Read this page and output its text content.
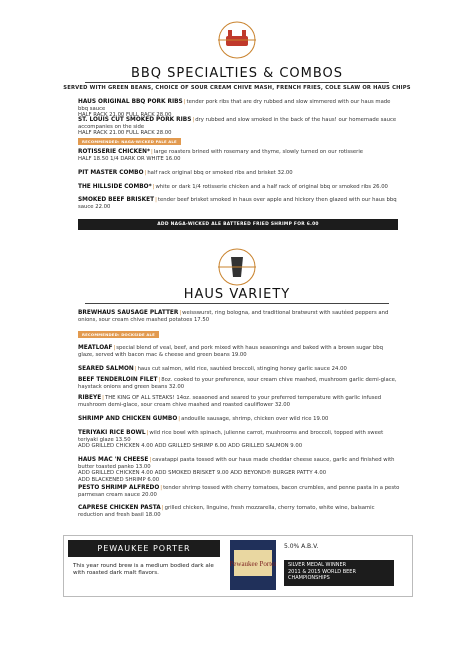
BBQ SPECIALTIES & COMBOS
SERVED WITH GREEN BEANS, CHOICE OF SOUR CREAM CHIVE MASH, FRENCH FRIES, COLE SLAW OR HAUS CHIPS
HAUS ORIGINAL BBQ PORK RIBS|tender pork ribs that are dry rubbed and slow simmered with our haus made bbq sauce
HALF RACK 21.00 FULL RACK 28.00
ST. LOUIS CUT SMOKED PORK RIBS|dry rubbed and slow smoked in the back of the haus! our homemade sauce accompanies on the side
HALF RACK 21.00 FULL RACK 28.00
RECOMMENDED: NAGA-WICKED PALE ALE
ROTISSERIE CHICKEN*|large roasters brined with rosemary and thyme, slowly turned on our rotisserie
HALF 18.50 1/4 DARK OR WHITE 16.00
PIT MASTER COMBO|half rack original bbq or smoked ribs and brisket 32.00
THE HILLSIDE COMBO*|white or dark 1/4 rotisserie chicken and a half rack of original bbq or smoked ribs 26.00
SMOKED BEEF BRISKET|tender beef brisket smoked in haus over apple and hickory then glazed with our haus bbq sauce 22.00
ADD NAGA-WICKED ALE BATTERED FRIED SHRIMP FOR 6.00
HAUS VARIETY
BREWHAUS SAUSAGE PLATTER|weisswurst, ring bologna, and traditional bratwurst with sautéed peppers and onions, sour cream chive mashed potatoes 17.50
RECOMMENDED: DOCKSIDE ALE
MEATLOAF|special blend of veal, beef, and pork mixed with haus seasonings and baked with a brown sugar bbq glaze, served with bacon mac & cheese and green beans 19.00
SEARED SALMON|haus cut salmon, wild rice, sautéed broccoli, stinging honey garlic sauce 24.00
BEEF TENDERLOIN FILET|8oz. cooked to your preference, sour cream chive mashed, mushroom garlic demi-glace, haystack onions and green beans 32.00
RIBEYE|THE KING OF ALL STEAKS! 14oz. seasoned and seared to your preferred temperature with garlic infused mushroom demi-glace, sour cream chive mashed and roasted cauliflower 32.00
SHRIMP AND CHICKEN GUMBO|andouille sausage, shrimp, chicken over wild rice 19.00
TERIYAKI RICE BOWL|wild rice bowl with spinach, julienne carrot, mushrooms and broccoli, topped with sweet teriyaki glaze 13.50
ADD GRILLED CHICKEN 4.00 ADD GRILLED SHRIMP 6.00 ADD GRILLED SALMON 9.00
HAUS MAC 'N CHEESE|cavatappi pasta tossed with our haus made cheddar cheese sauce, garlic and finished with butter toasted panko 13.00
ADD GRILLED CHICKEN 4.00 ADD SMOKED BRISKET 9.00 ADD BEYOND® BURGER PATTY 4.00
ADD BLACKENED SHRIMP 6.00
PESTO SHRIMP ALFREDO|tender shrimp tossed with cherry tomatoes, bacon crumbles, and penne pasta in a pesto parmesan cream sauce 20.00
CAPRESE CHICKEN PASTA|grilled chicken, linguine, fresh mozzarella, cherry tomato, white wine, balsamic reduction and fresh basil 18.00
PEWAUKEE PORTER
This year round brew is a medium bodied dark ale with roasted dark malt flavors.
Pewaukee Porter
5.0% A.B.V.
SILVER MEDAL WINNER
2011 & 2015 WORLD BEER CHAMPIONSHIPS
